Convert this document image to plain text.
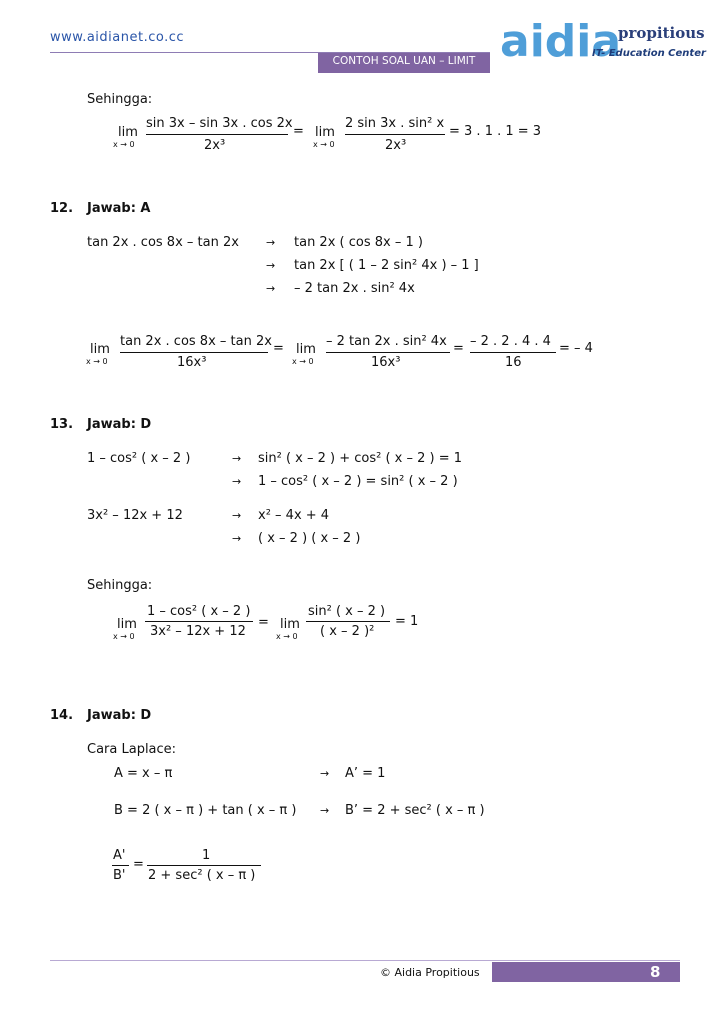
www.aidianet.co.cc	aidia
propitious
IT- Education Center
CONTOH SOAL UAN – LIMIT
Sehingga:
lim
x → 0
sin 3x – sin 3x . cos 2x
2x³
= lim
x → 0
2 sin 3x . sin² x
2x³
= 3 . 1 . 1 = 3
12. Jawab: A
tan 2x . cos 8x – tan 2x → tan 2x ( cos 8x – 1 )
→ tan 2x [ ( 1 – 2 sin² 4x ) – 1 ]
→ – 2 tan 2x . sin² 4x
lim
x → 0
tan 2x . cos 8x – tan 2x
16x³
= lim
x → 0
– 2 tan 2x . sin² 4x
16x³
= – 2 . 2 . 4 . 4
16
= – 4
13. Jawab: D
1 – cos² ( x – 2 )	→ sin² ( x – 2 ) + cos² ( x – 2 ) = 1
→ 1 – cos² ( x – 2 ) = sin² ( x – 2 )
3x² – 12x + 12	→ x² – 4x + 4
→ ( x – 2 ) ( x – 2 )
Sehingga:
lim
x → 0
1 – cos² ( x – 2 )
3x² – 12x + 12
= lim
x → 0
sin² ( x – 2 )
( x – 2 )²
= 1
14. Jawab: D
Cara Laplace:
A = x – π	→ A’ = 1
B = 2 ( x – π ) + tan ( x – π ) → B’ = 2 + sec² ( x – π )
A'
B'
=
1
2 + sec² ( x – π )
© Aidia Propitious	8
